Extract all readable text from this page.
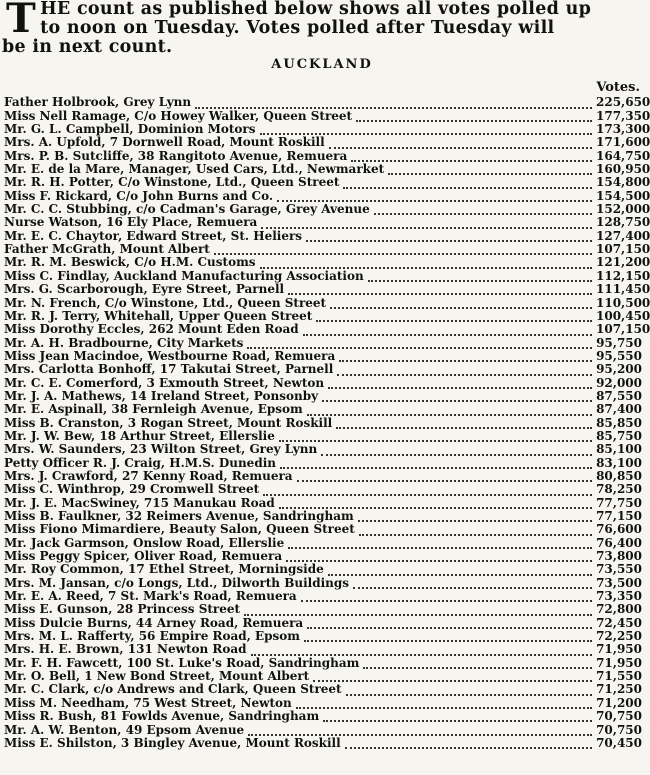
T HE count as published below shows all votes polled up
to noon on Tuesday. Votes polled after Tuesday will
be in next count.
AUCKLAND
Votes.
Father Holbrook, Grey Lynn	225,650
Miss Nell Ramage, C/o Howey Walker, Queen Street	177,350
Mr. G. L. Campbell, Dominion Motors	173,300
Mrs. A. Upfold, 7 Dornwell Road, Mount Roskill	171,600
Mrs. P. B. Sutcliffe, 38 Rangitoto Avenue, Remuera	164,750
Mr. E. de la Mare, Manager, Used Cars, Ltd., Newmarket	160,950
Mr. R. H. Potter, C/o Winstone, Ltd., Queen Street	154,800
Miss F. Rickard, C/o John Burns and Co.	154,500
Mr. C. C. Stubbing, c/o Cadman's Garage, Grey Avenue	152,000
Nurse Watson, 16 Ely Place, Remuera	128,750
Mr. E. C. Chaytor, Edward Street, St. Heliers	127,400
Father McGrath, Mount Albert	107,150
Mr. R. M. Beswick, C/o H.M. Customs	121,200
Miss C. Findlay, Auckland Manufacturing Association	112,150
Mrs. G. Scarborough, Eyre Street, Parnell	111,450
Mr. N. French, C/o Winstone, Ltd., Queen Street	110,500
Mr. R. J. Terry, Whitehall, Upper Queen Street	100,450
Miss Dorothy Eccles, 262 Mount Eden Road	107,150
Mr. A. H. Bradbourne, City Markets	95,750
Miss Jean Macindoe, Westbourne Road, Remuera	95,550
Mrs. Carlotta Bonhoff, 17 Takutai Street, Parnell	95,200
Mr. C. E. Comerford, 3 Exmouth Street, Newton	92,000
Mr. J. A. Mathews, 14 Ireland Street, Ponsonby	87,550
Mr. E. Aspinall, 38 Fernleigh Avenue, Epsom	87,400
Miss B. Cranston, 3 Rogan Street, Mount Roskill	85,850
Mr. J. W. Bew, 18 Arthur Street, Ellerslie	85,750
Mrs. W. Saunders, 23 Wilton Street, Grey Lynn	85,100
Petty Officer R. J. Craig, H.M.S. Dunedin	83,100
Mrs. J. Crawford, 27 Kenny Road, Remuera	80,850
Miss C. Winthrop, 29 Cromwell Street	78,250
Mr. J. E. MacSwiney, 715 Manukau Road	77,750
Miss B. Faulkner, 32 Reimers Avenue, Sandringham	77,150
Miss Fiono Mimardiere, Beauty Salon, Queen Street	76,600
Mr. Jack Garmson, Onslow Road, Ellerslie	76,400
Miss Peggy Spicer, Oliver Road, Remuera	73,800
Mr. Roy Common, 17 Ethel Street, Morningside	73,550
Mrs. M. Jansan, c/o Longs, Ltd., Dilworth Buildings	73,500
Mr. E. A. Reed, 7 St. Mark's Road, Remuera	73,350
Miss E. Gunson, 28 Princess Street	72,800
Miss Dulcie Burns, 44 Arney Road, Remuera	72,450
Mrs. M. L. Rafferty, 56 Empire Road, Epsom	72,250
Mrs. H. E. Brown, 131 Newton Road	71,950
Mr. F. H. Fawcett, 100 St. Luke's Road, Sandringham	71,950
Mr. O. Bell, 1 New Bond Street, Mount Albert	71,550
Mr. C. Clark, c/o Andrews and Clark, Queen Street	71,250
Miss M. Needham, 75 West Street, Newton	71,200
Miss R. Bush, 81 Fowlds Avenue, Sandringham	70,750
Mr. A. W. Benton, 49 Epsom Avenue	70,750
Miss E. Shilston, 3 Bingley Avenue, Mount Roskill	70,450
